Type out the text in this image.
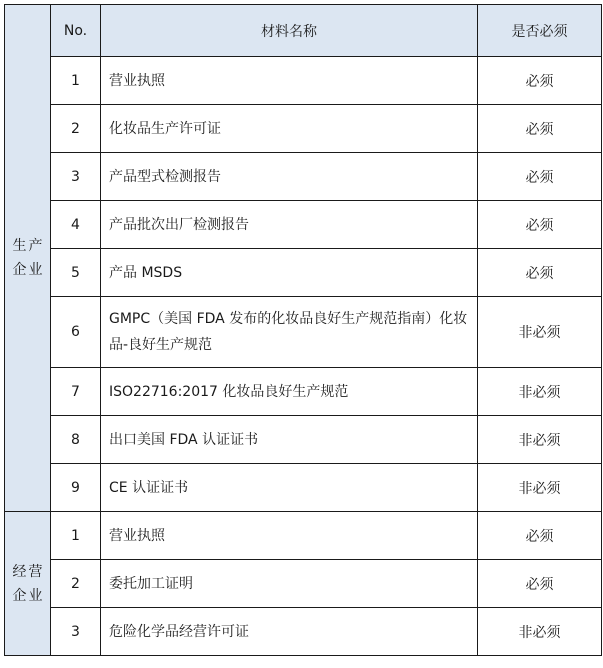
生产
企业	No.	材料名称	是否必须
	1	营业执照	必须
	2	化妆品生产许可证	必须
	3	产品型式检测报告	必须
	4	产品批次出厂检测报告	必须
	5	产品 MSDS	必须
	6	GMPC（美国 FDA 发布的化妆品良好生产规范指南）化妆品-良好生产规范	非必须
	7	ISO22716:2017 化妆品良好生产规范	非必须
	8	出口美国 FDA 认证证书	非必须
	9	CE 认证证书	非必须

经营
企业	1	营业执照	必须
	2	委托加工证明	必须
	3	危险化学品经营许可证	非必须
